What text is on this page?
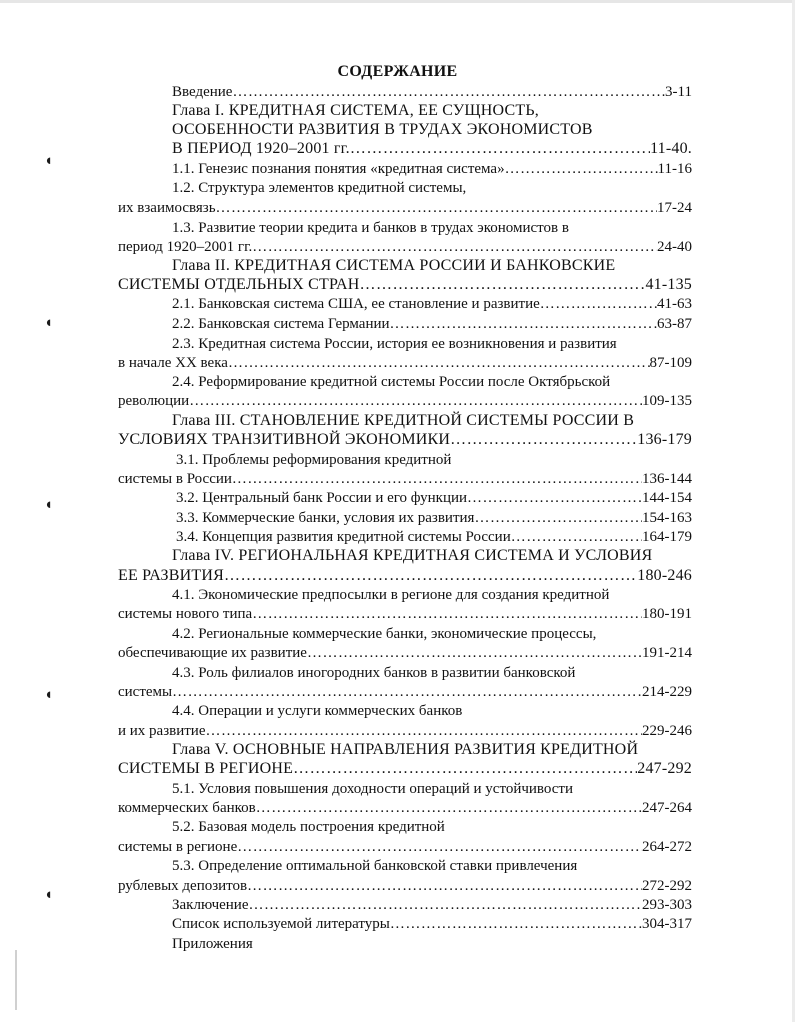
◖
◖
◖
◖
◖
СОДЕРЖАНИЕ
Введение ……………………………………………………………………………………………………………………………………………………………………………………………	3-11
Глава I. КРЕДИТНАЯ СИСТЕМА, ЕЕ СУЩНОСТЬ,
ОСОБЕННОСТИ РАЗВИТИЯ В ТРУДАХ ЭКОНОМИСТОВ
В ПЕРИОД 1920–2001 гг. ……………………………………………………………………………………………………………………………………………………………………………………………	11-40.
1.1. Генезис познания понятия «кредитная система» ……………………………………………………………………………………………………………………………………………………………………………………………	11-16
1.2. Структура элементов кредитной системы,
их взаимосвязь ……………………………………………………………………………………………………………………………………………………………………………………………	17-24
1.3. Развитие теории кредита и банков в трудах экономистов в
период 1920–2001 гг. ……………………………………………………………………………………………………………………………………………………………………………………………	24-40
Глава II. КРЕДИТНАЯ СИСТЕМА РОССИИ И БАНКОВСКИЕ
СИСТЕМЫ ОТДЕЛЬНЫХ СТРАН ……………………………………………………………………………………………………………………………………………………………………………………………	41-135
2.1. Банковская система США, ее становление и развитие ……………………………………………………………………………………………………………………………………………………………………………………………	41-63
2.2. Банковская система Германии ……………………………………………………………………………………………………………………………………………………………………………………………	63-87
2.3. Кредитная система России, история ее возникновения и развития
в начале XX века ……………………………………………………………………………………………………………………………………………………………………………………………	87-109
2.4. Реформирование кредитной системы России после Октябрьской
революции ……………………………………………………………………………………………………………………………………………………………………………………………	109-135
Глава III. СТАНОВЛЕНИЕ КРЕДИТНОЙ СИСТЕМЫ РОССИИ В
УСЛОВИЯХ ТРАНЗИТИВНОЙ ЭКОНОМИКИ ……………………………………………………………………………………………………………………………………………………………………………………………	136-179
3.1. Проблемы реформирования кредитной
системы в России ……………………………………………………………………………………………………………………………………………………………………………………………	136-144
3.2. Центральный банк России и его функции ……………………………………………………………………………………………………………………………………………………………………………………………	144-154
3.3. Коммерческие банки, условия их развития ……………………………………………………………………………………………………………………………………………………………………………………………	154-163
3.4. Концепция развития кредитной системы России ……………………………………………………………………………………………………………………………………………………………………………………………	164-179
Глава IV. РЕГИОНАЛЬНАЯ КРЕДИТНАЯ СИСТЕМА И УСЛОВИЯ
ЕЕ РАЗВИТИЯ ……………………………………………………………………………………………………………………………………………………………………………………………	180-246
4.1. Экономические предпосылки в регионе для создания кредитной
системы нового типа ……………………………………………………………………………………………………………………………………………………………………………………………	180-191
4.2. Региональные коммерческие банки, экономические процессы,
обеспечивающие их развитие ……………………………………………………………………………………………………………………………………………………………………………………………	191-214
4.3. Роль филиалов иногородних банков в развитии банковской
системы ……………………………………………………………………………………………………………………………………………………………………………………………	214-229
4.4. Операции и услуги коммерческих банков
и их развитие ……………………………………………………………………………………………………………………………………………………………………………………………	229-246
Глава V. ОСНОВНЫЕ НАПРАВЛЕНИЯ РАЗВИТИЯ КРЕДИТНОЙ
СИСТЕМЫ В РЕГИОНЕ ……………………………………………………………………………………………………………………………………………………………………………………………	247-292
5.1. Условия повышения доходности операций и устойчивости
коммерческих банков ……………………………………………………………………………………………………………………………………………………………………………………………	247-264
5.2. Базовая модель построения кредитной
системы в регионе ……………………………………………………………………………………………………………………………………………………………………………………………	264-272
5.3. Определение оптимальной банковской ставки привлечения
рублевых депозитов ……………………………………………………………………………………………………………………………………………………………………………………………	272-292
Заключение ……………………………………………………………………………………………………………………………………………………………………………………………	293-303
Список используемой литературы ……………………………………………………………………………………………………………………………………………………………………………………………	304-317
Приложения
